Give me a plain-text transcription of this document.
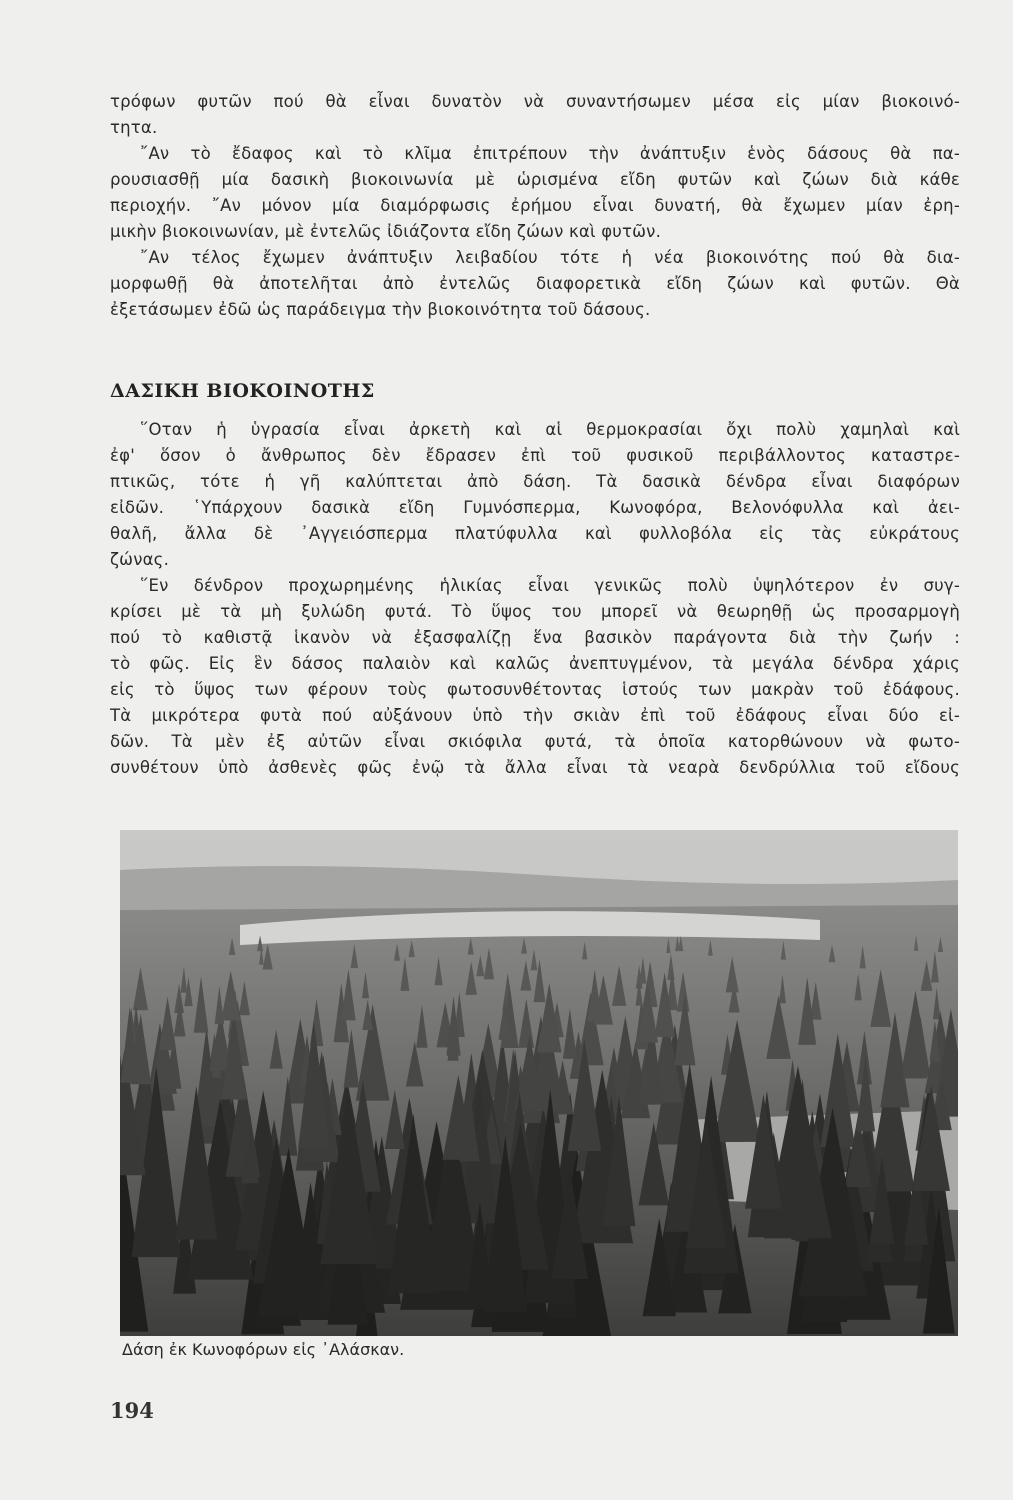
τρόφων φυτῶν πού θὰ εἶναι δυνατὸν νὰ συναντήσωμεν μέσα εἰς μίαν βιοκοινό-
τητα.
῎Αν τὸ ἔδαφος καὶ τὸ κλῖμα ἐπιτρέπουν τὴν ἀνάπτυξιν ἑνὸς δάσους θὰ πα-
ρουσιασθῇ μία δασικὴ βιοκοινωνία μὲ ὡρισμένα εἴδη φυτῶν καὶ ζώων διὰ κάθε
περιοχήν. ῎Αν μόνον μία διαμόρφωσις ἐρήμου εἶναι δυνατή, θὰ ἔχωμεν μίαν ἐρη-
μικὴν βιοκοινωνίαν, μὲ ἐντελῶς ἰδιάζοντα εἴδη ζώων καὶ φυτῶν.
῎Αν τέλος ἔχωμεν ἀνάπτυξιν λειβαδίου τότε ἡ νέα βιοκοινότης πού θὰ δια-
μορφωθῇ θὰ ἀποτελῆται ἀπὸ ἐντελῶς διαφορετικὰ εἴδη ζώων καὶ φυτῶν. Θὰ
ἐξετάσωμεν ἐδῶ ὡς παράδειγμα τὴν βιοκοινότητα τοῦ δάσους.
ΔΑΣΙΚΗ ΒΙΟΚΟΙΝΟΤΗΣ
῞Οταν ἡ ὑγρασία εἶναι ἀρκετὴ καὶ αἱ θερμοκρασίαι ὄχι πολὺ χαμηλαὶ καὶ
ἐφ' ὅσον ὁ ἄνθρωπος δὲν ἔδρασεν ἐπὶ τοῦ φυσικοῦ περιβάλλοντος καταστρε-
πτικῶς, τότε ἡ γῆ καλύπτεται ἀπὸ δάση. Τὰ δασικὰ δένδρα εἶναι διαφόρων
εἰδῶν. ῾Υπάρχουν δασικὰ εἴδη Γυμνόσπερμα, Κωνοφόρα, Βελονόφυλλα καὶ ἀει-
θαλῆ, ἄλλα δὲ ᾽Αγγειόσπερμα πλατύφυλλα καὶ φυλλοβόλα εἰς τὰς εὐκράτους
ζώνας.
῞Εν δένδρον προχωρημένης ἡλικίας εἶναι γενικῶς πολὺ ὑψηλότερον ἐν συγ-
κρίσει μὲ τὰ μὴ ξυλώδη φυτά. Τὸ ὕψος του μπορεῖ νὰ θεωρηθῇ ὡς προσαρμογὴ
πού τὸ καθιστᾷ ἱκανὸν νὰ ἐξασφαλίζῃ ἕνα βασικὸν παράγοντα διὰ τὴν ζωήν :
τὸ φῶς. Εἰς ἓν δάσος παλαιὸν καὶ καλῶς ἀνεπτυγμένον, τὰ μεγάλα δένδρα χάρις
εἰς τὸ ὕψος των φέρουν τοὺς φωτοσυνθέτοντας ἱστούς των μακρὰν τοῦ ἐδάφους.
Τὰ μικρότερα φυτὰ πού αὐξάνουν ὑπὸ τὴν σκιὰν ἐπὶ τοῦ ἐδάφους εἶναι δύο εἰ-
δῶν. Τὰ μὲν ἐξ αὐτῶν εἶναι σκιόφιλα φυτά, τὰ ὁποῖα κατορθώνουν νὰ φωτο-
συνθέτουν ὑπὸ ἀσθενὲς φῶς ἐνῷ τὰ ἄλλα εἶναι τὰ νεαρὰ δενδρύλλια τοῦ εἴδους
Δάση ἐκ Κωνοφόρων εἰς ᾽Αλάσκαν.
194
